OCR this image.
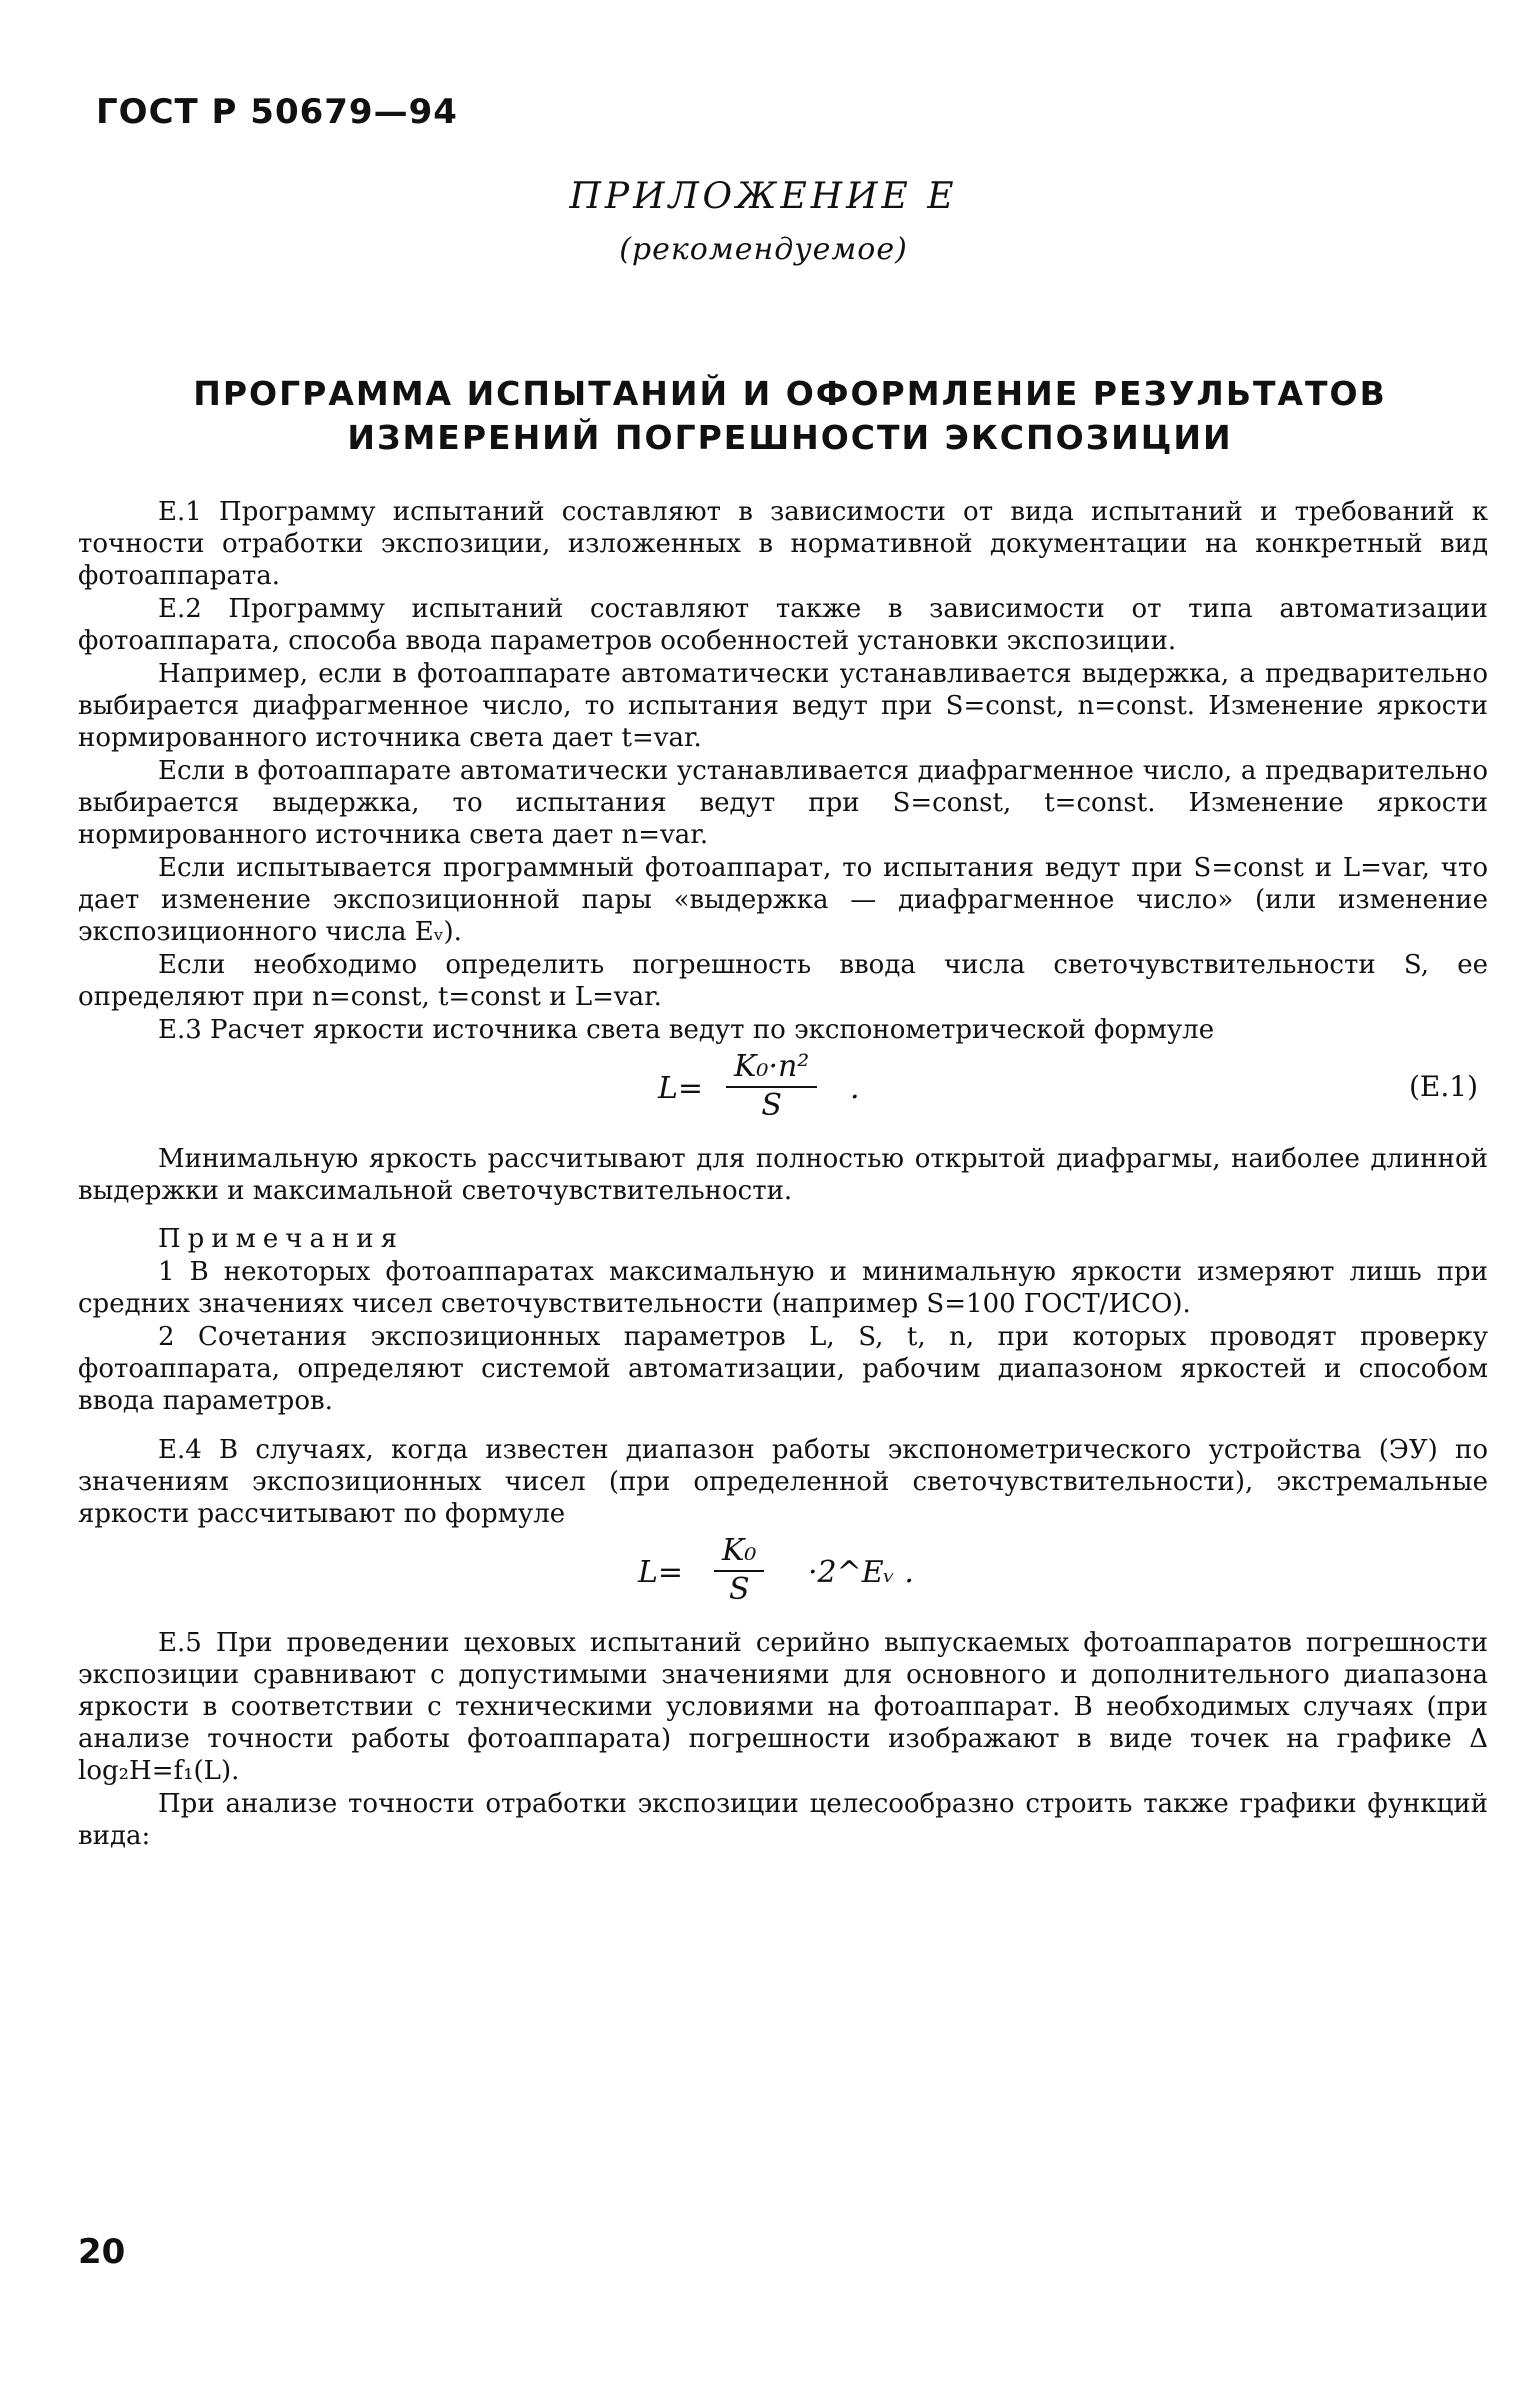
ГОСТ Р 50679—94
ПРИЛОЖЕНИЕ Е
(рекомендуемое)
ПРОГРАММА ИСПЫТАНИЙ И ОФОРМЛЕНИЕ РЕЗУЛЬТАТОВ
ИЗМЕРЕНИЙ ПОГРЕШНОСТИ ЭКСПОЗИЦИИ

Е.1 Программу испытаний составляют в зависимости от вида испытаний и требований к точности отработки экспозиции, изложенных в нормативной документации на конкретный вид фотоаппарата.

Е.2 Программу испытаний составляют также в зависимости от типа автоматизации фотоаппарата, способа ввода параметров особенностей установки экспозиции.

Например, если в фотоаппарате автоматически устанавливается выдержка, а предварительно выбирается диафрагменное число, то испытания ведут при S=const, n=const. Изменение яркости нормированного источника света дает t=var.

Если в фотоаппарате автоматически устанавливается диафрагменное число, а предварительно выбирается выдержка, то испытания ведут при S=const, t=const. Изменение яркости нормированного источника света дает n=var.

Если испытывается программный фотоаппарат, то испытания ведут при S=const и L=var, что дает изменение экспозиционной пары «выдержка — диафрагменное число» (или изменение экспозиционного числа Eᵥ).

Если необходимо определить погрешность ввода числа светочувствительности S, ее определяют при n=const, t=const и L=var.

Е.3 Расчет яркости источника света ведут по экспонометрической формуле

$L= \frac{\text{K₀·n²}}{S}$ .	(Е.1)

Минимальную яркость рассчитывают для полностью открытой диафрагмы, наиболее длинной выдержки и максимальной светочувствительности.

Примечания

1 В некоторых фотоаппаратах максимальную и минимальную яркости измеряют лишь при средних значениях чисел светочувствительности (например S=100 ГОСТ/ИСО).

2 Сочетания экспозиционных параметров L, S, t, n, при которых проводят проверку фотоаппарата, определяют системой автоматизации, рабочим диапазоном яркостей и способом ввода параметров.

Е.4 В случаях, когда известен диапазон работы экспонометрического устройства (ЭУ) по значениям экспозиционных чисел (при определенной светочувствительности), экстремальные яркости рассчитывают по формуле

$L= \frac{\text{K₀}}{S}$ ·2^Eᵥ .

Е.5 При проведении цеховых испытаний серийно выпускаемых фотоаппаратов погрешности экспозиции сравнивают с допустимыми значениями для основного и дополнительного диапазона яркости в соответствии с техническими условиями на фотоаппарат. В необходимых случаях (при анализе точности работы фотоаппарата) погрешности изображают в виде точек на графике Δ log₂H=f₁(L).

При анализе точности отработки экспозиции целесообразно строить также графики функций вида:

20
